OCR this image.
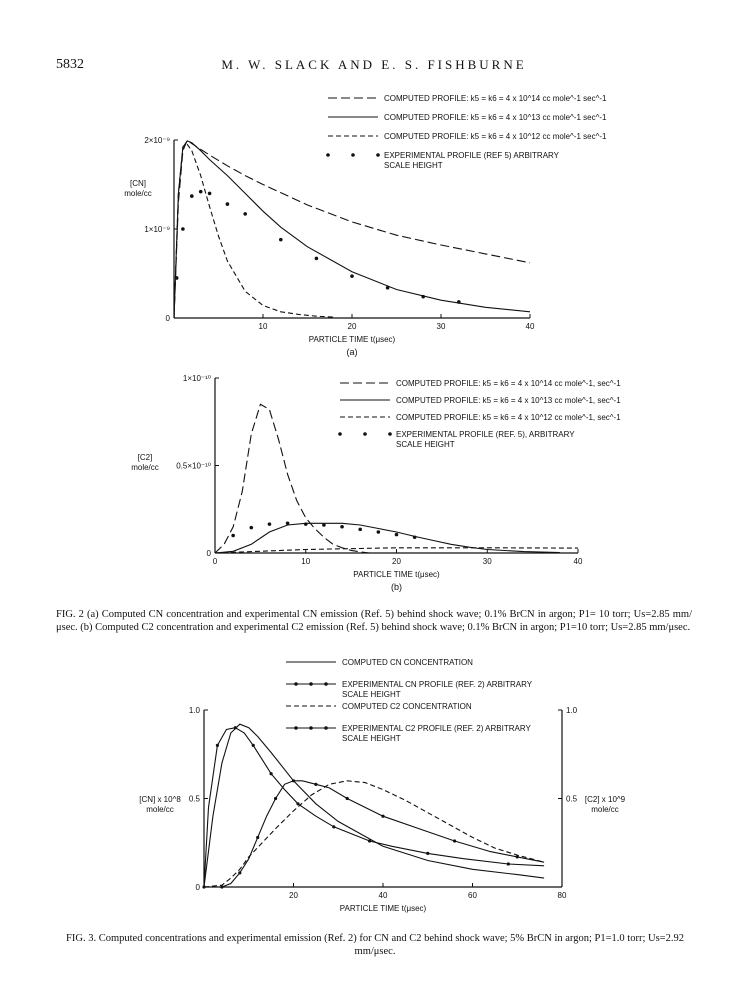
5832	M. W. SLACK AND E. S. FISHBURNE
10	20	30	40
0
1×10⁻⁹
2×10⁻⁹
PARTICLE TIME t(μsec)
[CN]
mole/cc
(a)
COMPUTED PROFILE: k5 = k6 = 4 x 10^14 cc mole^-1 sec^-1
COMPUTED PROFILE: k5 = k6 = 4 x 10^13 cc mole^-1 sec^-1
COMPUTED PROFILE: k5 = k6 = 4 x 10^12 cc mole^-1 sec^-1
EXPERIMENTAL PROFILE (REF 5) ARBITRARY
SCALE HEIGHT
0	10	20	30	40
0
0.5×10⁻¹⁰
1×10⁻¹⁰
PARTICLE TIME t(μsec)
[C2]
mole/cc
(b)
COMPUTED PROFILE: k5 = k6 = 4 x 10^14 cc mole^-1, sec^-1
COMPUTED PROFILE: k5 = k6 = 4 x 10^13 cc mole^-1, sec^-1
COMPUTED PROFILE: k5 = k6 = 4 x 10^12 cc mole^-1, sec^-1
EXPERIMENTAL PROFILE (REF. 5), ARBITRARY
SCALE HEIGHT
20	40	60	80
0
0.5
1.0
0.5
1.0
PARTICLE TIME t(μsec)
[CN] x 10^8
mole/cc
[C2] x 10^9
mole/cc
COMPUTED CN CONCENTRATION
EXPERIMENTAL CN PROFILE (REF. 2) ARBITRARY
SCALE HEIGHT
COMPUTED C2 CONCENTRATION
EXPERIMENTAL C2 PROFILE (REF. 2) ARBITRARY
SCALE HEIGHT
FIG. 2 (a) Computed CN concentration and experimental CN emission (Ref. 5) behind shock wave; 0.1% BrCN in argon; P1= 10 torr; Us=2.85 mm/μsec. (b) Computed C2 concentration and experimental C2 emission (Ref. 5) behind shock wave; 0.1% BrCN in argon; P1=10 torr; Us=2.85 mm/μsec.
FIG. 3. Computed concentrations and experimental emission (Ref. 2) for CN and C2 behind shock wave; 5% BrCN in argon; P1=1.0 torr; Us=2.92 mm/μsec.
